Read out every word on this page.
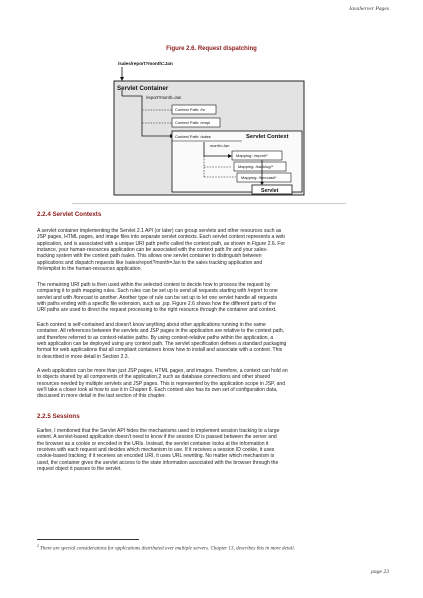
JavaServer Pages
Figure 2.6. Request dispatching
/sales/report?month=Jan
Servlet Container
/report?month=Jan
Context Path: /hr
Context Path: /empl
Context Path: /sales	Servlet Context
month=Jan
Mapping: /report/*
Mapping: /backlog/*
Mapping: /forecast/*
Servlet
2.2.4 Servlet Contexts

A servlet container implementing the Servlet 2.1 API (or later) can group servlets and other resources such as

JSP pages, HTML pages, and image files into separate servlet contexts. Each servlet context represents a web

application, and is associated with a unique URI path prefix called the context path, as shown in Figure 2.6. For

instance, your human-resources application can be associated with the context path /hr and your sales-

tracking system with the context path /sales. This allows one servlet container to distinguish between

applications and dispatch requests like /sales/report?month=Jan to the sales tracking application and

/hr/emplist to the human-resources application.

The remaining URI path is then used within the selected context to decide how to process the request by

comparing it to path mapping rules. Such rules can be set up to send all requests starting with /report to one

servlet and with /forecast to another. Another type of rule can be set up to let one servlet handle all requests

with paths ending with a specific file extension, such as .jsp. Figure 2.6 shows how the different parts of the

URI paths are used to direct the request processing to the right resource through the container and context.

Each context is self-contained and doesn't know anything about other applications running in the same

container. All references between the servlets and JSP pages in the application are relative to the context path,

and therefore referred to as context-relative paths. By using context-relative paths within the application, a

web application can be deployed using any context path. The servlet specification defines a standard packaging

format for web applications that all compliant containers know how to install and associate with a context. This

is described in more detail in Section 2.3.

A web application can be more than just JSP pages, HTML pages, and images. Therefore, a context can hold on

to objects shared by all components of the application,2 such as database connections and other shared

resources needed by multiple servlets and JSP pages. This is represented by the application scope in JSP, and

we'll take a closer look at how to use it in Chapter 8. Each context also has its own set of configuration data,

discussed in more detail in the last section of this chapter.

2.2.5 Sessions

Earlier, I mentioned that the Servlet API hides the mechanisms used to implement session tracking to a large

extent. A servlet-based application doesn't need to know if the session ID is passed between the server and

the browser as a cookie or encoded in the URIs. Instead, the servlet container looks at the information it

receives with each request and decides which mechanism to use. If it receives a session ID cookie, it uses

cookie-based tracking; if it receives an encoded URI, it uses URL rewriting. No matter which mechanism is

used, the container gives the servlet access to the state information associated with the browser through the

request object it passes to the servlet.

$^2$ There are special considerations for applications distributed over multiple servers. Chapter 13, describes this in more detail.
page 23
